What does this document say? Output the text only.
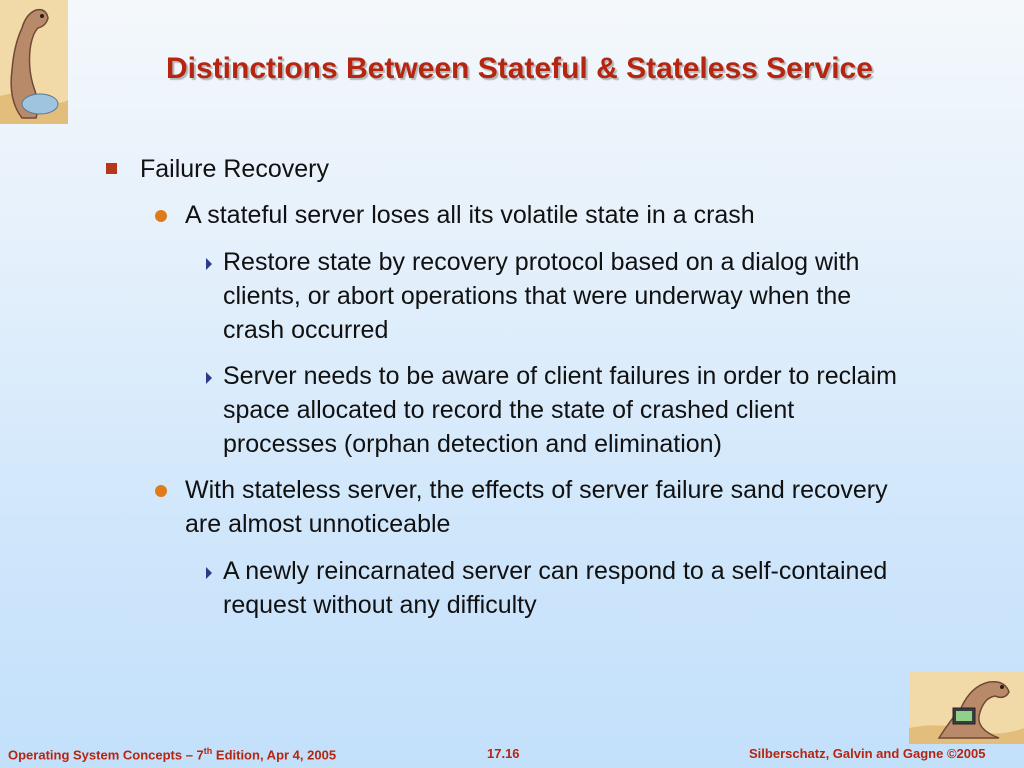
Distinctions Between Stateful & Stateless Service
Failure Recovery
A stateful server loses all its volatile state in a crash
Restore state by recovery protocol based on a dialog with clients, or abort operations that were underway when the crash occurred
Server needs to be aware of client failures in order to reclaim space allocated to record the state of crashed client processes (orphan detection and elimination)
With stateless server, the effects of server failure sand recovery are almost unnoticeable
A newly reincarnated server can respond to a self-contained request without any difficulty
Operating System Concepts – 7th Edition, Apr 4, 2005	17.16	Silberschatz, Galvin and Gagne ©2005
